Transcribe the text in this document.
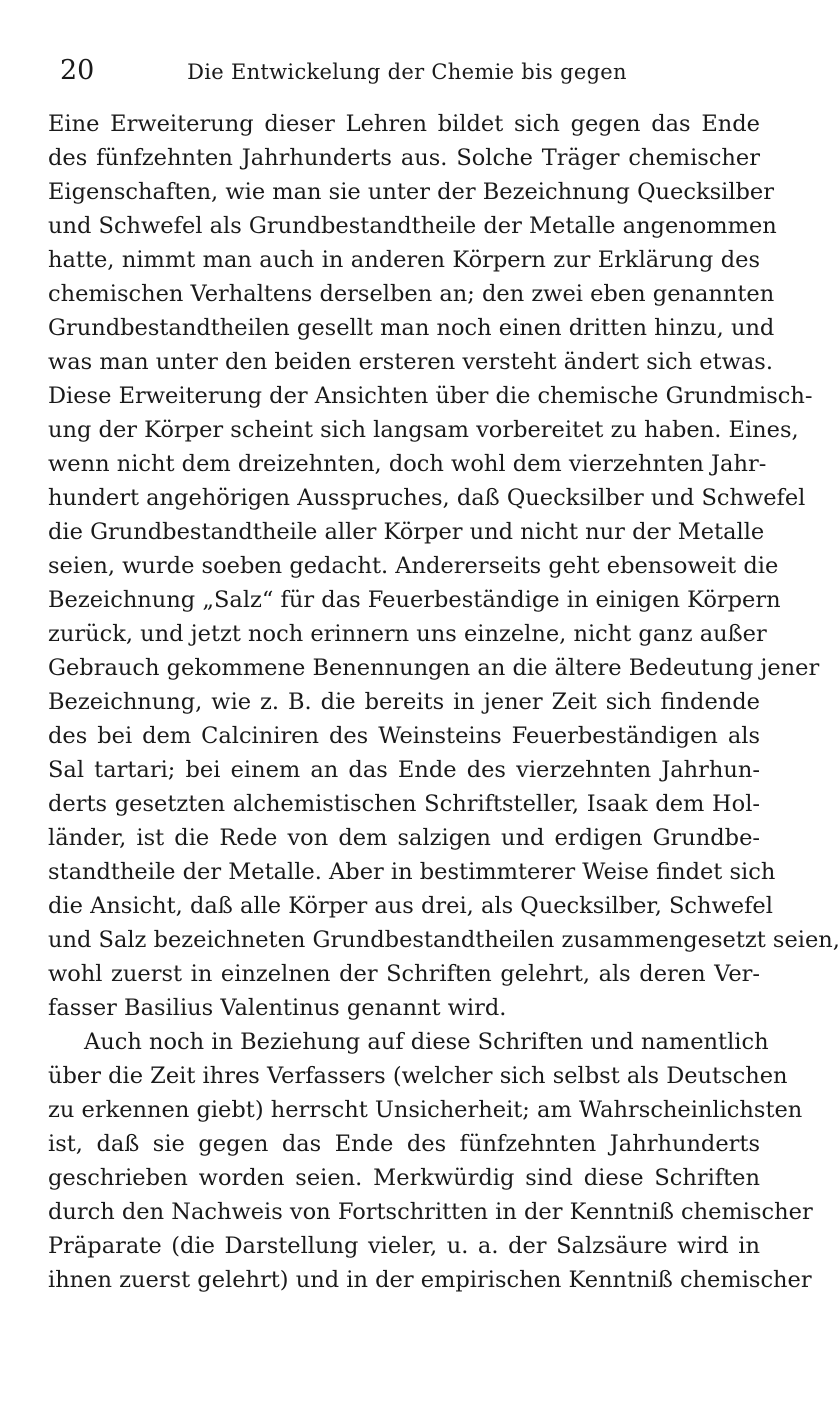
20	Die Entwickelung der Chemie bis gegen
Eine Erweiterung dieser Lehren bildet sich gegen das Ende
des fünfzehnten Jahrhunderts aus. Solche Träger chemischer
Eigenschaften, wie man sie unter der Bezeichnung Quecksilber
und Schwefel als Grundbestandtheile der Metalle angenommen
hatte, nimmt man auch in anderen Körpern zur Erklärung des
chemischen Verhaltens derselben an; den zwei eben genannten
Grundbestandtheilen gesellt man noch einen dritten hinzu, und
was man unter den beiden ersteren versteht ändert sich etwas.
Diese Erweiterung der Ansichten über die chemische Grundmisch-
ung der Körper scheint sich langsam vorbereitet zu haben. Eines,
wenn nicht dem dreizehnten, doch wohl dem vierzehnten Jahr-
hundert angehörigen Ausspruches, daß Quecksilber und Schwefel
die Grundbestandtheile aller Körper und nicht nur der Metalle
seien, wurde soeben gedacht. Andererseits geht ebensoweit die
Bezeichnung „Salz“ für das Feuerbeständige in einigen Körpern
zurück, und jetzt noch erinnern uns einzelne, nicht ganz außer
Gebrauch gekommene Benennungen an die ältere Bedeutung jener
Bezeichnung, wie z. B. die bereits in jener Zeit sich findende
des bei dem Calciniren des Weinsteins Feuerbeständigen als
Sal tartari; bei einem an das Ende des vierzehnten Jahrhun-
derts gesetzten alchemistischen Schriftsteller, Isaak dem Hol-
länder, ist die Rede von dem salzigen und erdigen Grundbe-
standtheile der Metalle. Aber in bestimmterer Weise findet sich
die Ansicht, daß alle Körper aus drei, als Quecksilber, Schwefel
und Salz bezeichneten Grundbestandtheilen zusammengesetzt seien,
wohl zuerst in einzelnen der Schriften gelehrt, als deren Ver-
fasser Basilius Valentinus genannt wird.
Auch noch in Beziehung auf diese Schriften und namentlich
über die Zeit ihres Verfassers (welcher sich selbst als Deutschen
zu erkennen giebt) herrscht Unsicherheit; am Wahrscheinlichsten
ist, daß sie gegen das Ende des fünfzehnten Jahrhunderts
geschrieben worden seien. Merkwürdig sind diese Schriften
durch den Nachweis von Fortschritten in der Kenntniß chemischer
Präparate (die Darstellung vieler, u. a. der Salzsäure wird in
ihnen zuerst gelehrt) und in der empirischen Kenntniß chemischer
